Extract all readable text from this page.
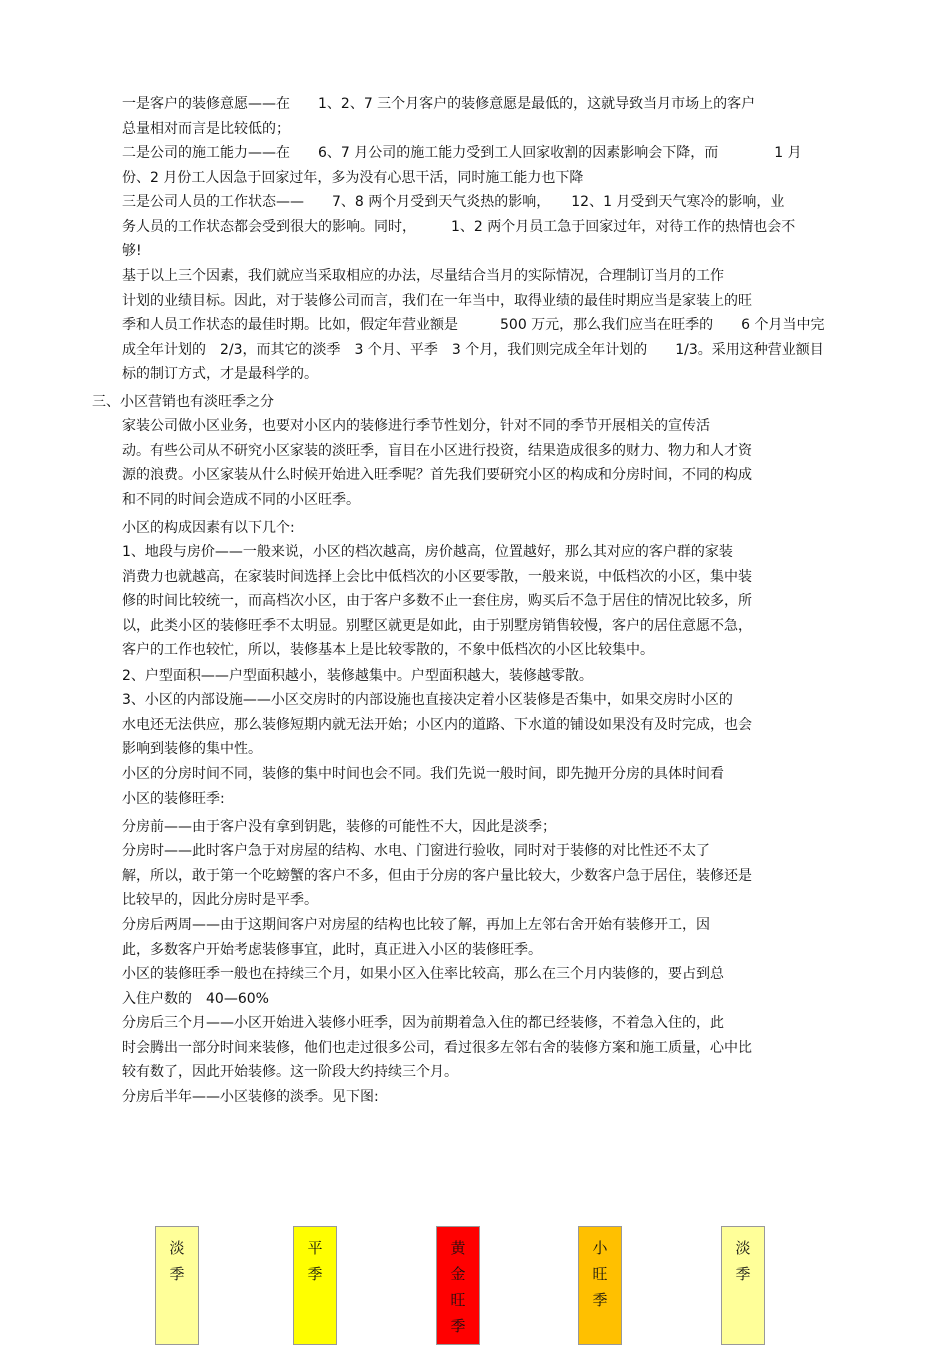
一是客户的装修意愿——在　　1、2、7 三个月客户的装修意愿是最低的，这就导致当月市场上的客户
总量相对而言是比较低的；
二是公司的施工能力——在　　6、7 月公司的施工能力受到工人回家收割的因素影响会下降，而　　　　1 月
份、2 月份工人因急于回家过年，多为没有心思干活，同时施工能力也下降
三是公司人员的工作状态——　　7、8 两个月受到天气炎热的影响，　　12、1 月受到天气寒冷的影响，业
务人员的工作状态都会受到很大的影响。同时，　　　1、2 两个月员工急于回家过年，对待工作的热情也会不
够!
基于以上三个因素，我们就应当采取相应的办法，尽量结合当月的实际情况，合理制订当月的工作
计划的业绩目标。因此，对于装修公司而言，我们在一年当中，取得业绩的最佳时期应当是家装上的旺
季和人员工作状态的最佳时期。比如，假定年营业额是　　　500 万元，那么我们应当在旺季的　　6 个月当中完
成全年计划的　2/3，而其它的淡季　3 个月、平季　3 个月，我们则完成全年计划的　　1/3。采用这种营业额目
标的制订方式，才是最科学的。
三、小区营销也有淡旺季之分
家装公司做小区业务，也要对小区内的装修进行季节性划分，针对不同的季节开展相关的宣传活
动。有些公司从不研究小区家装的淡旺季，盲目在小区进行投资，结果造成很多的财力、物力和人才资
源的浪费。小区家装从什么时候开始进入旺季呢？首先我们要研究小区的构成和分房时间，不同的构成
和不同的时间会造成不同的小区旺季。
小区的构成因素有以下几个:
1、地段与房价——一般来说，小区的档次越高，房价越高，位置越好，那么其对应的客户群的家装
消费力也就越高，在家装时间选择上会比中低档次的小区要零散，一般来说，中低档次的小区，集中装
修的时间比较统一，而高档次小区，由于客户多数不止一套住房，购买后不急于居住的情况比较多，所
以，此类小区的装修旺季不太明显。别墅区就更是如此，由于别墅房销售较慢，客户的居住意愿不急，
客户的工作也较忙，所以，装修基本上是比较零散的，不象中低档次的小区比较集中。
2、户型面积——户型面积越小，装修越集中。户型面积越大，装修越零散。
3、小区的内部设施——小区交房时的内部设施也直接决定着小区装修是否集中，如果交房时小区的
水电还无法供应，那么装修短期内就无法开始；小区内的道路、下水道的铺设如果没有及时完成，也会
影响到装修的集中性。
小区的分房时间不同，装修的集中时间也会不同。我们先说一般时间，即先抛开分房的具体时间看
小区的装修旺季:
分房前——由于客户没有拿到钥匙，装修的可能性不大，因此是淡季；
分房时——此时客户急于对房屋的结构、水电、门窗进行验收，同时对于装修的对比性还不太了
解，所以，敢于第一个吃螃蟹的客户不多，但由于分房的客户量比较大，少数客户急于居住，装修还是
比较早的，因此分房时是平季。
分房后两周——由于这期间客户对房屋的结构也比较了解，再加上左邻右舍开始有装修开工，因
此，多数客户开始考虑装修事宜，此时，真正进入小区的装修旺季。
小区的装修旺季一般也在持续三个月，如果小区入住率比较高，那么在三个月内装修的，要占到总
入住户数的　40—60%
分房后三个月——小区开始进入装修小旺季，因为前期着急入住的都已经装修，不着急入住的，此
时会腾出一部分时间来装修，他们也走过很多公司，看过很多左邻右舍的装修方案和施工质量，心中比
较有数了，因此开始装修。这一阶段大约持续三个月。
分房后半年——小区装修的淡季。见下图:
淡
季
平
季
黄
金
旺
季
小
旺
季
淡
季
